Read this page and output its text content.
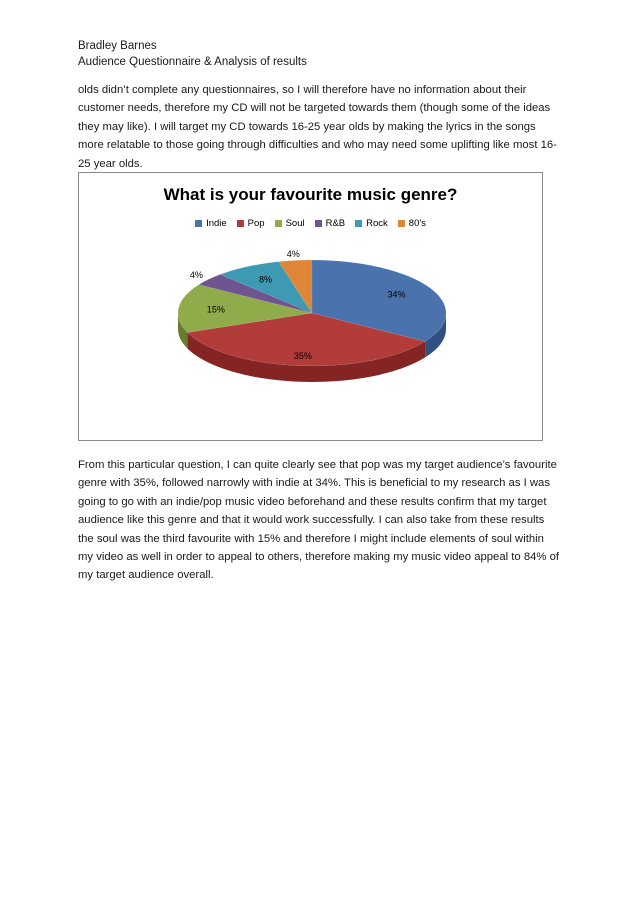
Bradley Barnes
Audience Questionnaire & Analysis of results

olds didn’t complete any questionnaires, so I will therefore have no information about their customer needs, therefore my CD will not be targeted towards them (though some of the ideas they may like). I will target my CD towards 16-25 year olds by making the lyrics in the songs more relatable to those going through difficulties and who may need some uplifting like most 16-25 year olds.

What is your favourite music genre?
Indie Pop Soul R&B Rock 80's
34%
35%
15%
4%	8%
4%

From this particular question, I can quite clearly see that pop was my target audience’s favourite genre with 35%, followed narrowly with indie at 34%. This is beneficial to my research as I was going to go with an indie/pop music video beforehand and these results confirm that my target audience like this genre and that it would work successfully. I can also take from these results the soul was the third favourite with 15% and therefore I might include elements of soul within my video as well in order to appeal to others, therefore making my music video appeal to 84% of my target audience overall.
